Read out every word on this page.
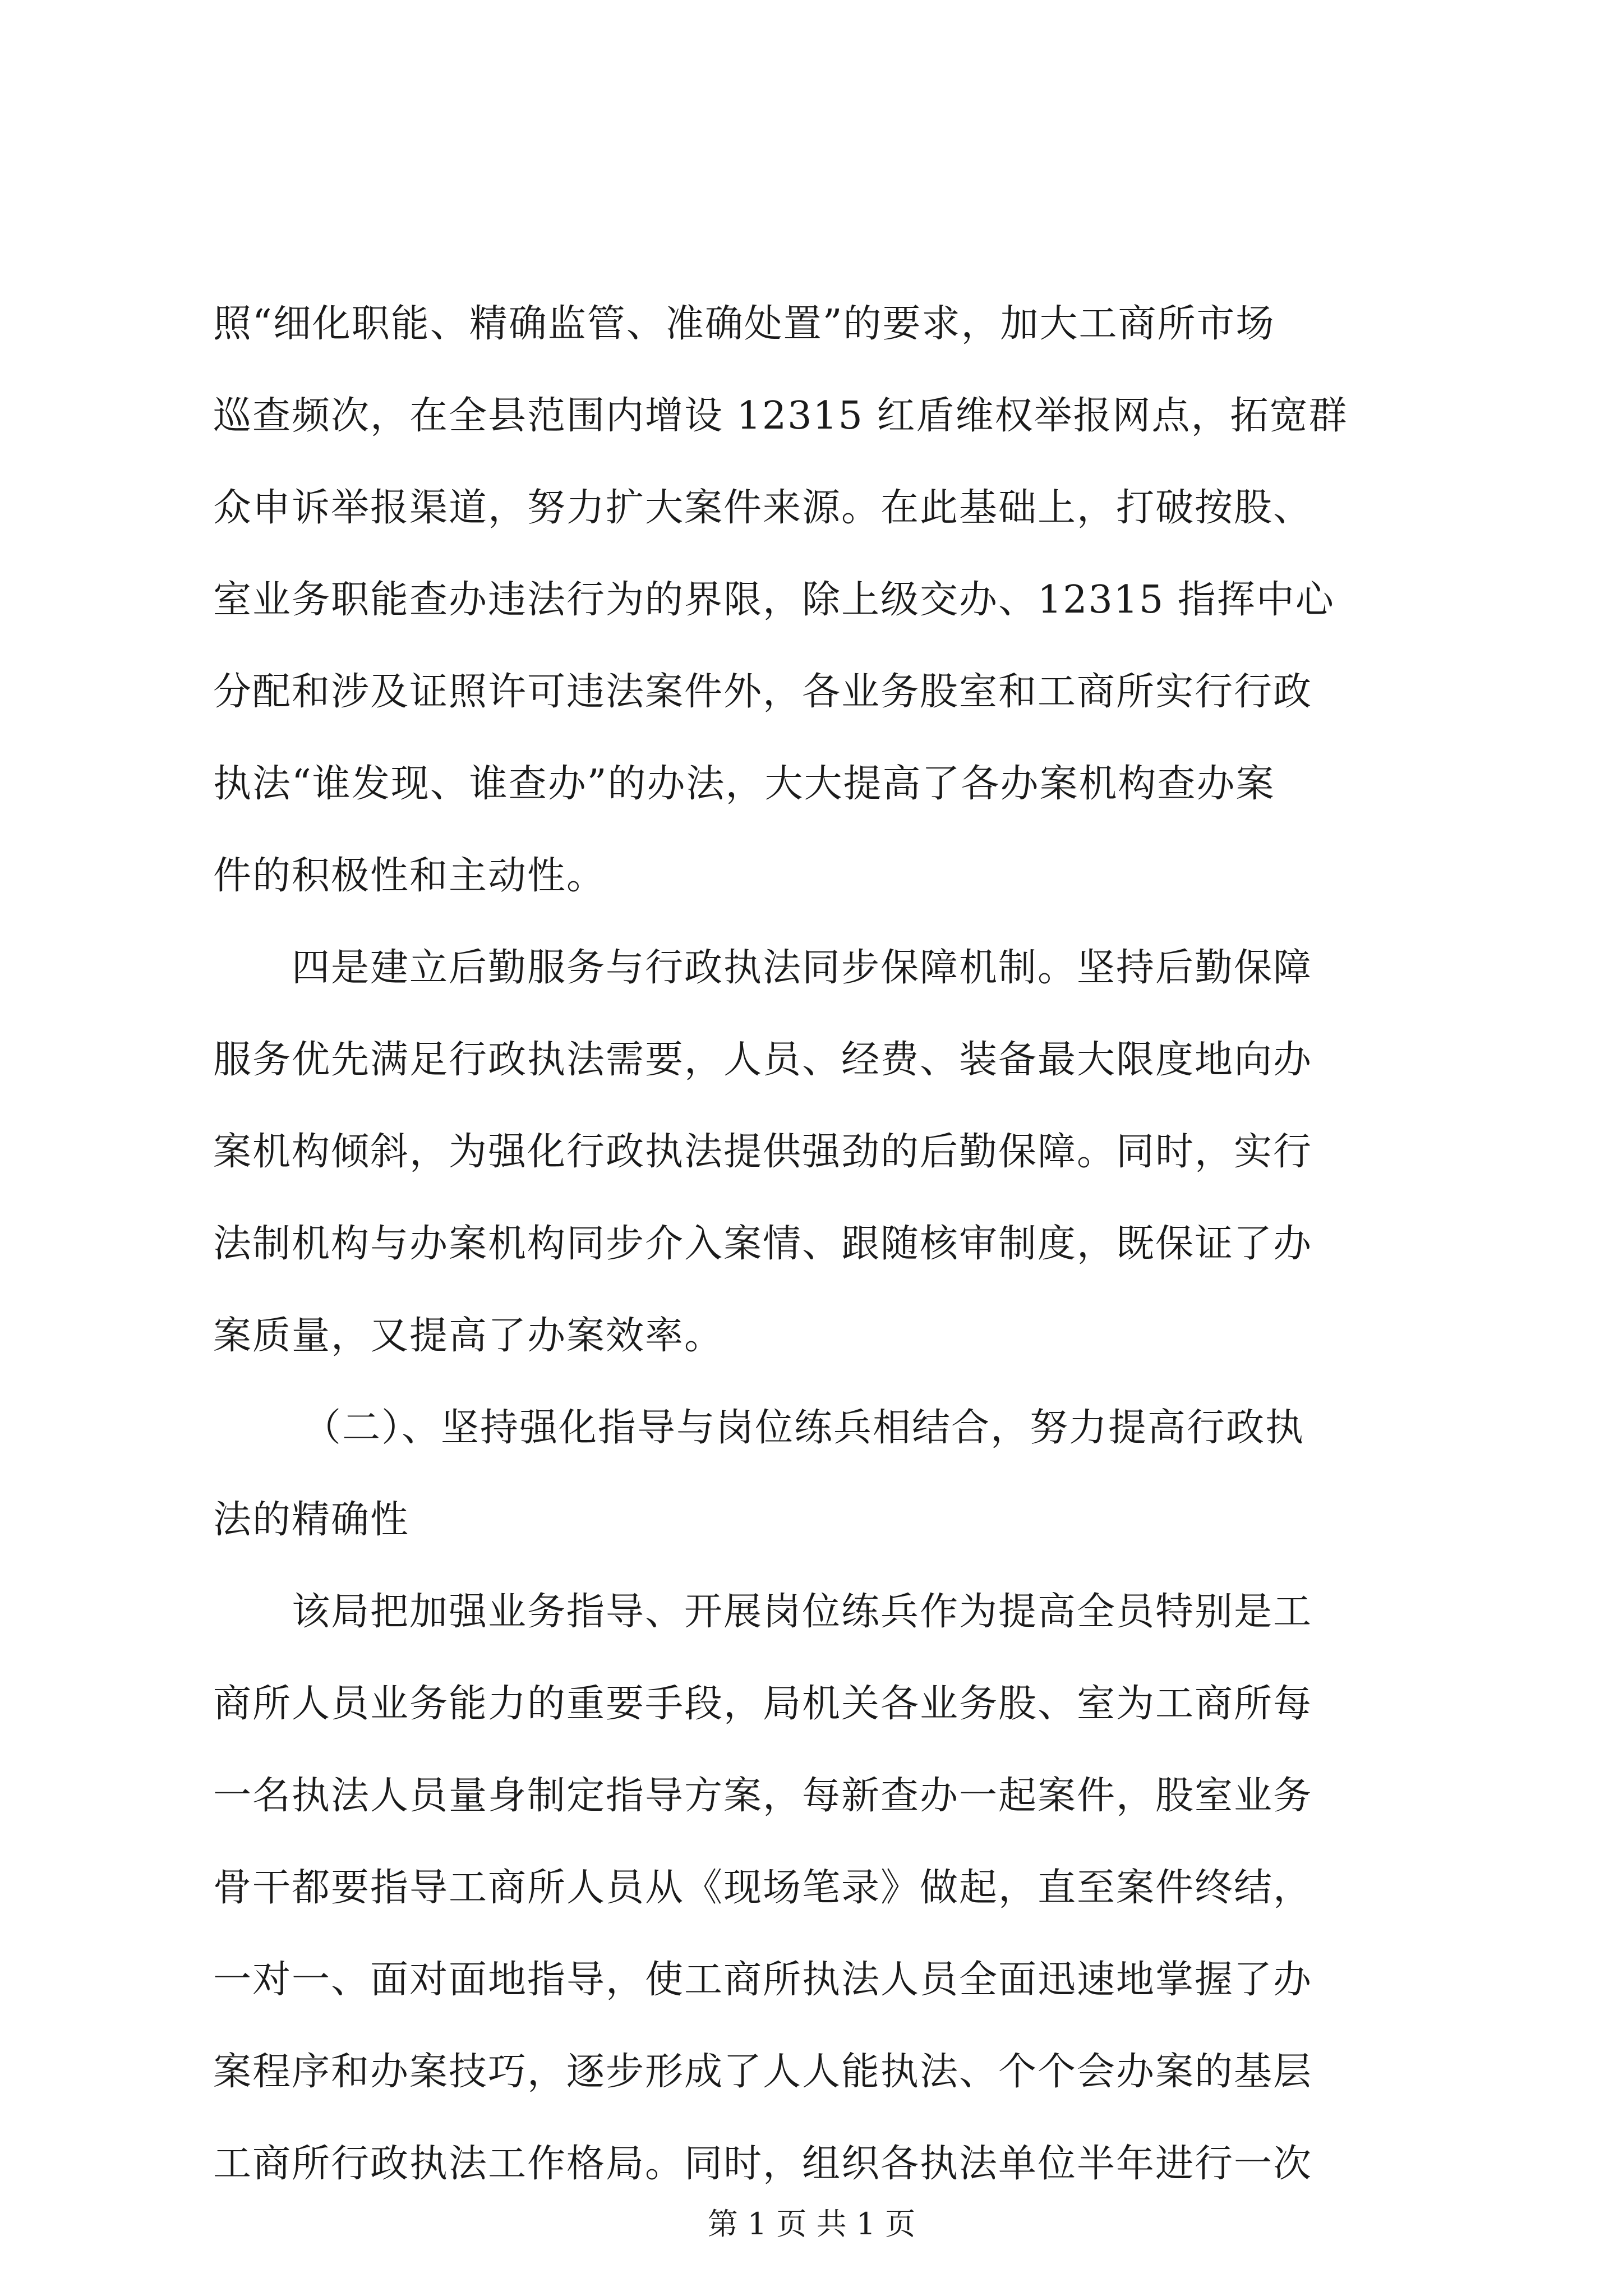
照“细化职能、精确监管、准确处置”的要求，加大工商所市场
巡查频次，在全县范围内增设 12315 红盾维权举报网点，拓宽群
众申诉举报渠道，努力扩大案件来源。在此基础上，打破按股、
室业务职能查办违法行为的界限，除上级交办、12315 指挥中心
分配和涉及证照许可违法案件外，各业务股室和工商所实行行政
执法“谁发现、谁查办”的办法，大大提高了各办案机构查办案
件的积极性和主动性。
四是建立后勤服务与行政执法同步保障机制。坚持后勤保障
服务优先满足行政执法需要，人员、经费、装备最大限度地向办
案机构倾斜，为强化行政执法提供强劲的后勤保障。同时，实行
法制机构与办案机构同步介入案情、跟随核审制度，既保证了办
案质量，又提高了办案效率。
（二）、坚持强化指导与岗位练兵相结合，努力提高行政执
法的精确性
该局把加强业务指导、开展岗位练兵作为提高全员特别是工
商所人员业务能力的重要手段，局机关各业务股、室为工商所每
一名执法人员量身制定指导方案，每新查办一起案件，股室业务
骨干都要指导工商所人员从《现场笔录》做起，直至案件终结，
一对一、面对面地指导，使工商所执法人员全面迅速地掌握了办
案程序和办案技巧，逐步形成了人人能执法、个个会办案的基层
工商所行政执法工作格局。同时，组织各执法单位半年进行一次
第 1 页 共 1 页
